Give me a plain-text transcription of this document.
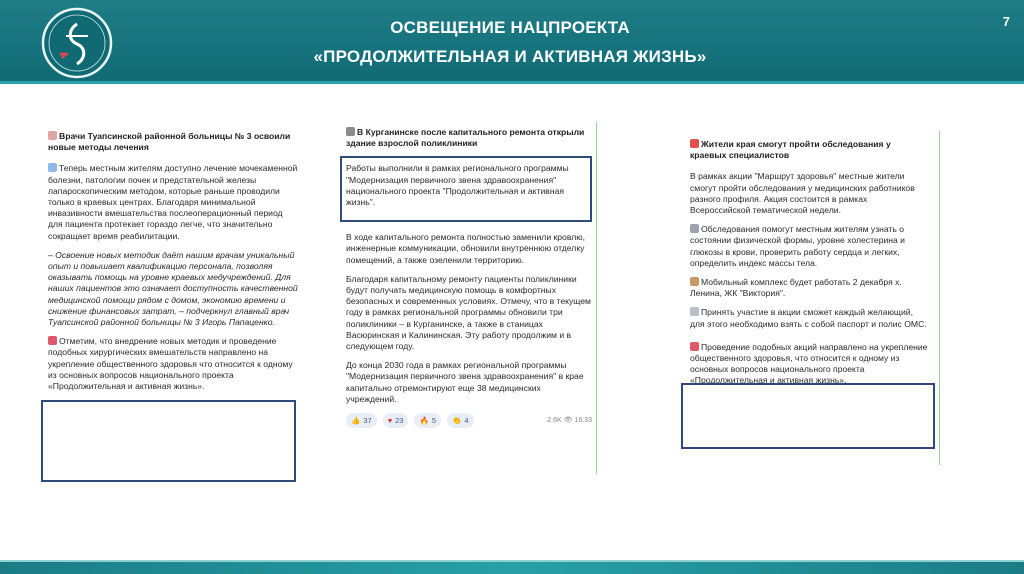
ОСВЕЩЕНИЕ НАЦПРОЕКТА
«ПРОДОЛЖИТЕЛЬНАЯ И АКТИВНАЯ ЖИЗНЬ»
7

Врачи Туапсинской районной больницы № 3 освоили новые методы лечения

Теперь местным жителям доступно лечение мочекаменной болезни, патологии почек и предстательной железы лапароскопическим методом, которые раньше проводили только в краевых центрах. Благодаря минимальной инвазивности вмешательства послеоперационный период для пациента протекает гораздо легче, что значительно сокращает время реабилитации.

– Освоение новых методик даёт нашим врачам уникальный опыт и повышает квалификацию персонала, позволяя оказывать помощь на уровне краевых медучреждений. Для наших пациентов это означает доступность качественной медицинской помощи рядом с домом, экономию времени и снижение финансовых затрат, – подчеркнул главный врач Туапсинской районной больницы № 3 Игорь Папаценко.

Отметим, что внедрение новых методик и проведение подобных хирургических вмешательств направлено на укрепление общественного здоровья что относится к одному из основных вопросов национального проекта «Продолжительная и активная жизнь».

В Курганинске после капитального ремонта открыли здание взрослой поликлиники

Работы выполнили в рамках регионального программы "Модернизация первичного звена здравоохранения" национального проекта "Продолжительная и активная жизнь".

В ходе капитального ремонта полностью заменили кровлю, инженерные коммуникации, обновили внутреннюю отделку помещений, а также озеленили территорию.

Благодаря капитальному ремонту пациенты поликлиники будут получать медицинскую помощь в комфортных безопасных и современных условиях. Отмечу, что в текущем году в рамках региональной программы обновили три поликлиники – в Курганинске, а также в станицах Васюринская и Калининская. Эту работу продолжим и в следующем году.

До конца 2030 года в рамках региональной программы "Модернизация первичного звена здравоохранения" в крае капитально отремонтируют еще 38 медицинских учреждений.

👍 37 ♥ 23 🔥 5 👏 4	2.6K 👁 16:33

Жители края смогут пройти обследования у краевых специалистов

В рамках акции "Маршрут здоровья" местные жители смогут пройти обследования у медицинских работников разного профиля. Акция состоится в рамках Всероссийской тематической недели.

Обследования помогут местным жителям узнать о состоянии физической формы, уровне холестерина и глюкозы в крови, проверить работу сердца и легких, определить индекс массы тела.

Мобильный комплекс будет работать 2 декабря х. Ленина, ЖК "Виктория".

Принять участие в акции сможет каждый желающий, для этого необходимо взять с собой паспорт и полис ОМС.

Проведение подобных акций направлено на укрепление общественного здоровья, что относится к одному из основных вопросов национального проекта «Продолжительная и активная жизнь».
